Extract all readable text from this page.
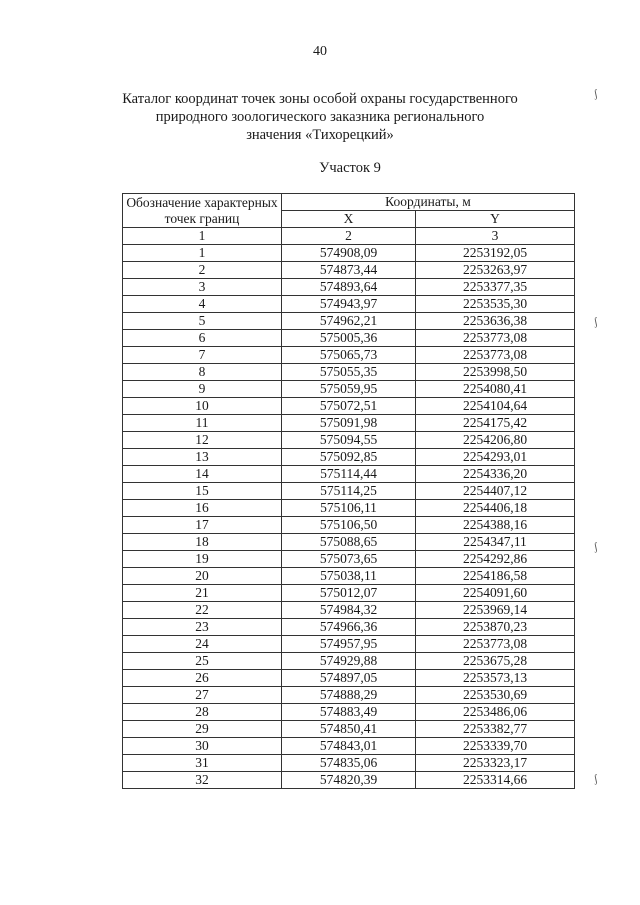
40
Каталог координат точек зоны особой охраны государственного
природного зоологического заказника регионального
значения «Тихорецкий»
Участок 9
ʃ
ʃ
ʃ
ʃ
Обозначение характерных точек границ	Координаты, м	
	X	Y
1	2	3
1	574908,09	2253192,05
2	574873,44	2253263,97
3	574893,64	2253377,35
4	574943,97	2253535,30
5	574962,21	2253636,38
6	575005,36	2253773,08
7	575065,73	2253773,08
8	575055,35	2253998,50
9	575059,95	2254080,41
10	575072,51	2254104,64
11	575091,98	2254175,42
12	575094,55	2254206,80
13	575092,85	2254293,01
14	575114,44	2254336,20
15	575114,25	2254407,12
16	575106,11	2254406,18
17	575106,50	2254388,16
18	575088,65	2254347,11
19	575073,65	2254292,86
20	575038,11	2254186,58
21	575012,07	2254091,60
22	574984,32	2253969,14
23	574966,36	2253870,23
24	574957,95	2253773,08
25	574929,88	2253675,28
26	574897,05	2253573,13
27	574888,29	2253530,69
28	574883,49	2253486,06
29	574850,41	2253382,77
30	574843,01	2253339,70
31	574835,06	2253323,17
32	574820,39	2253314,66
